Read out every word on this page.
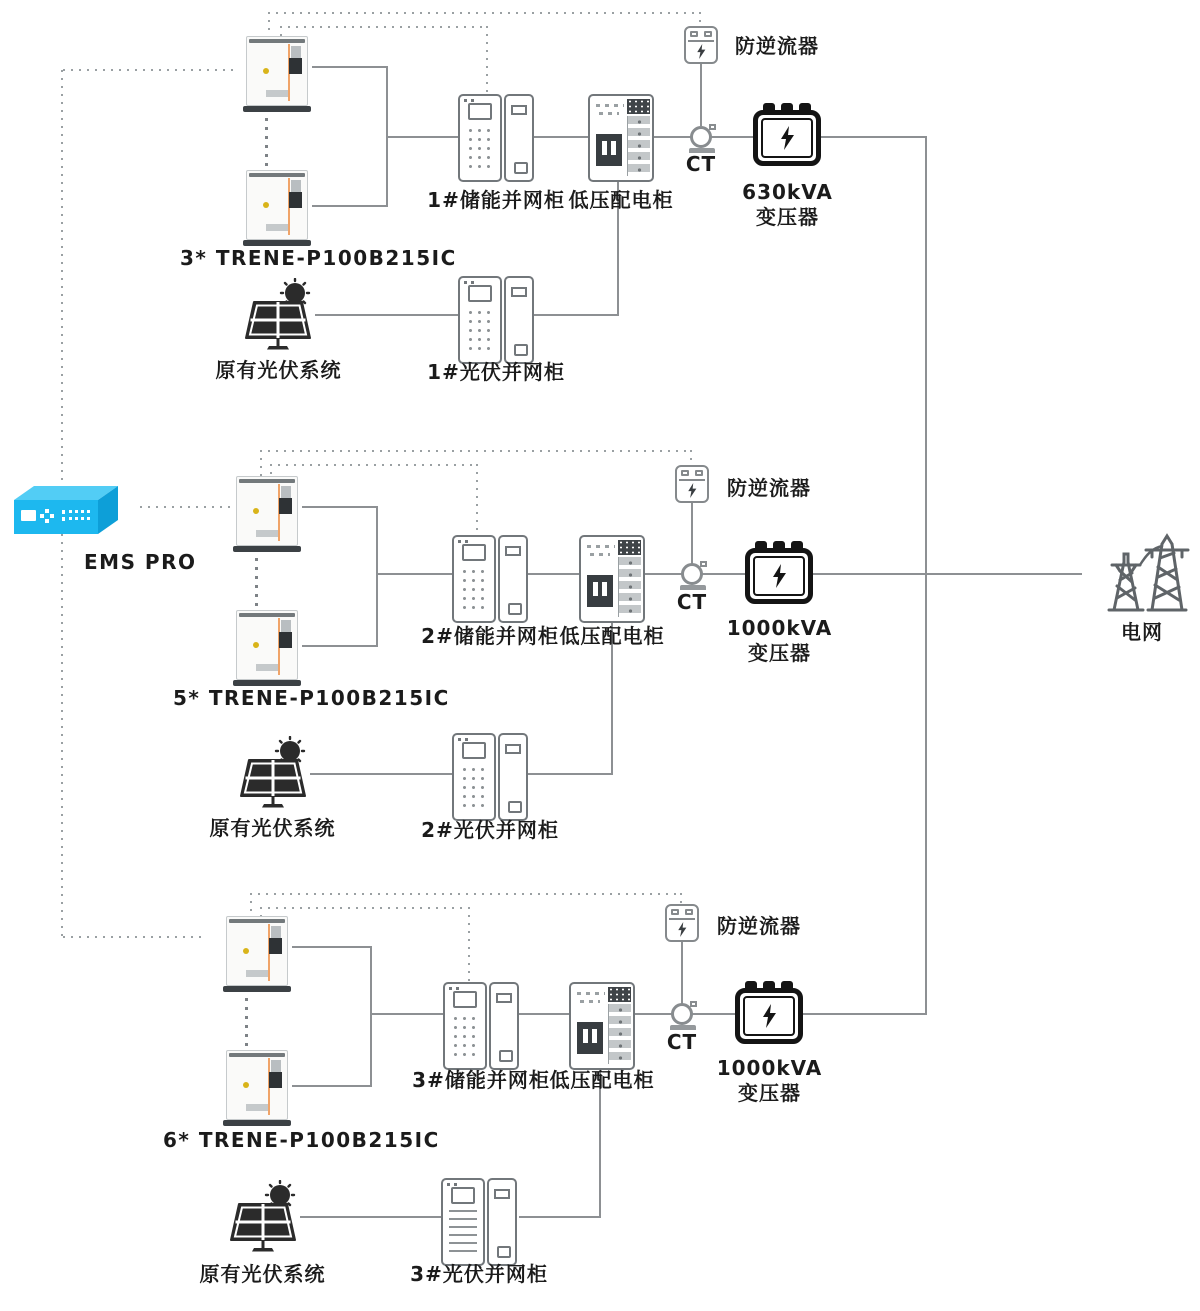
EMS PRO
电网
3* TRENE-P100B215IC
原有光伏系统
1#储能并网柜 低压配电柜
防逆流器
CT
630kVA
变压器
1#光伏并网柜
5* TRENE-P100B215IC
原有光伏系统
2#储能并网柜 低压配电柜
防逆流器
CT
1000kVA
变压器
2#光伏并网柜
6* TRENE-P100B215IC
原有光伏系统
3#储能并网柜 低压配电柜
防逆流器
CT
1000kVA
变压器
3#光伏并网柜
